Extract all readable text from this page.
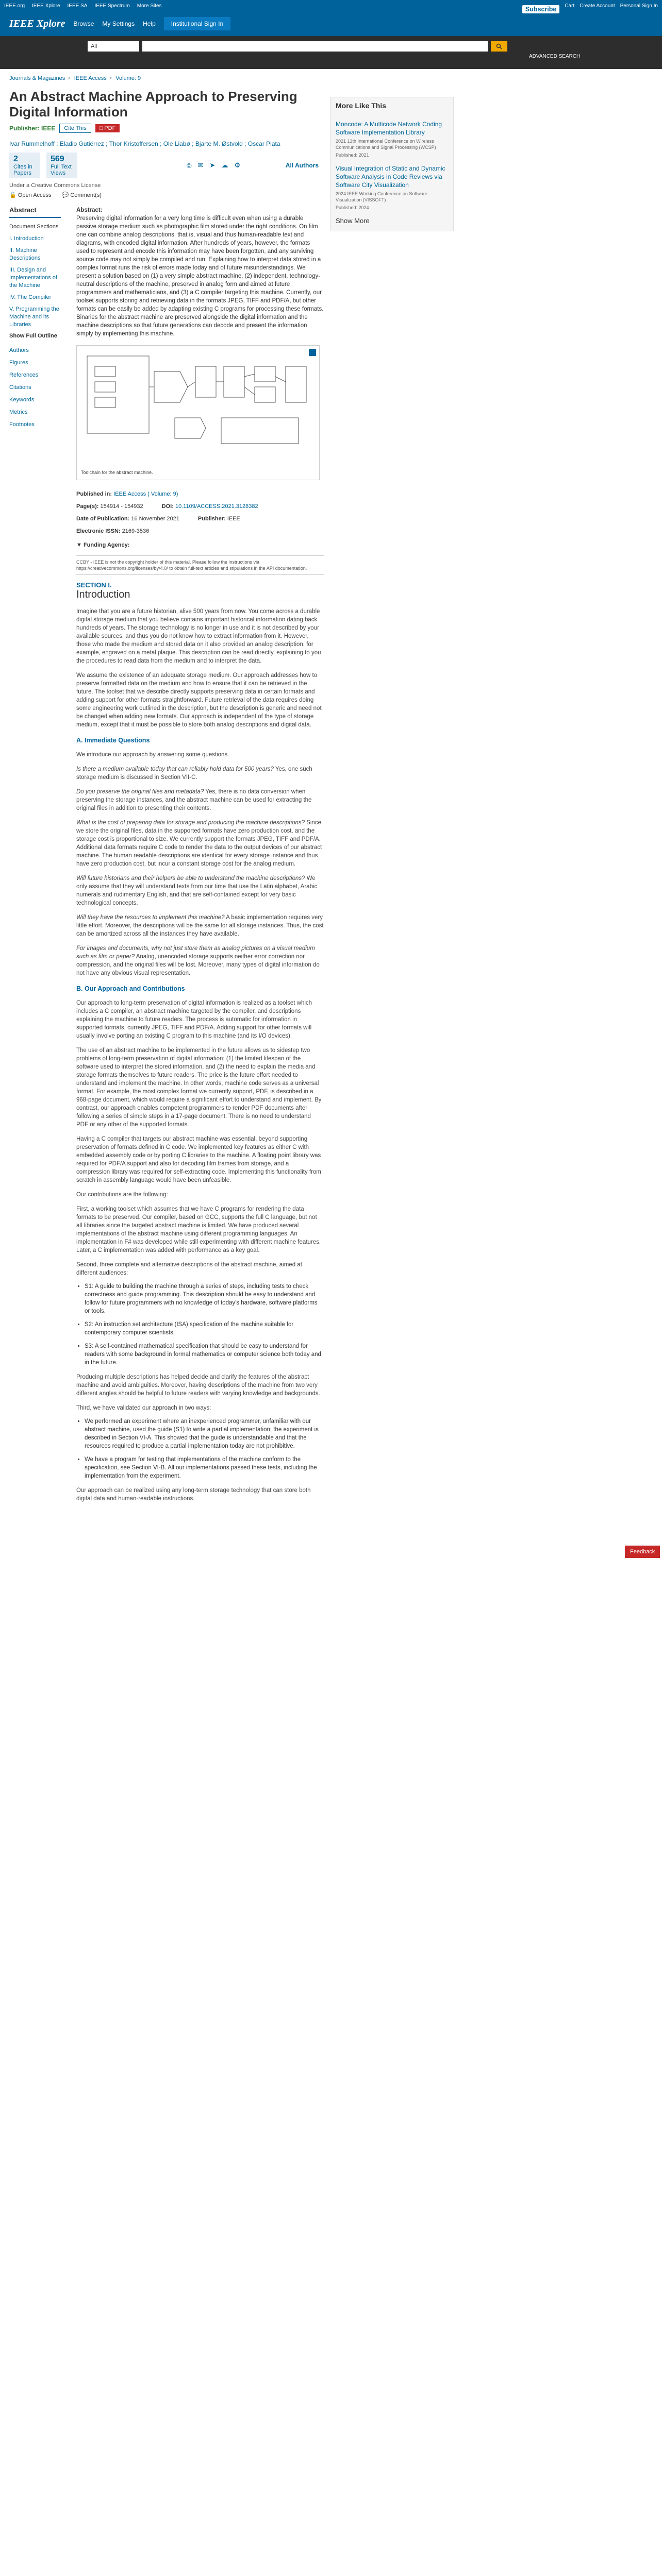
IEEE.org IEEE Xplore IEEE SA IEEE Spectrum More Sites	Subscribe	Cart Create Account Personal Sign In
IEEE Xplore Browse My Settings Help	Institutional Sign In
All
ADVANCED SEARCH
Journals & Magazines > IEEE Access > Volume: 9
An Abstract Machine Approach to Preserving Digital Information
Publisher: IEEE	Cite This	□ PDF
Ivar Rummelhoff ; Eladio Gutiérrez ; Thor Kristoffersen ; Ole Liabø ; Bjarte M. Østvold ; Oscar Plata
2
Cites in Papers
569
Full Text Views
© ✉ ➤ ☁ ⚙	All Authors
Under a Creative Commons License
🔓 Open Access 💬 Comment(s)
More Like This
Moncode: A Multicode Network Coding Software Implementation Library
2021 13th International Conference on Wireless Communications and Signal Processing (WCSP)
Published: 2021
Visual Integration of Static and Dynamic Software Analysis in Code Reviews via Software City Visualization
2024 IEEE Working Conference on Software Visualization (VISSOFT)
Published: 2024
Show More
Abstract
Document Sections
I. Introduction
II. Machine Descriptions
III. Design and Implementations of the Machine
IV. The Compiler
V. Programming the Machine and its Libraries
Show Full Outline
Authors
Figures
References
Citations
Keywords
Metrics
Footnotes
Abstract:
Preserving digital information for a very long time is difficult even when using a durable passive storage medium such as photographic film stored under the right conditions. On film one can combine analog descriptions, that is, visual and thus human-readable text and diagrams, with encoded digital information. After hundreds of years, however, the formats used to represent and encode this information may have been forgotten, and any surviving source code may not simply be compiled and run. Explaining how to interpret data stored in a complex format runs the risk of errors made today and of future misunderstandings. We present a solution based on (1) a very simple abstract machine, (2) independent, technology-neutral descriptions of the machine, preserved in analog form and aimed at future programmers and mathematicians, and (3) a C compiler targeting this machine. Currently, our toolset supports storing and retrieving data in the formats JPEG, TIFF and PDF/A, but other formats can be easily be added by adapting existing C programs for processing these formats. Binaries for the abstract machine are preserved alongside the digital information and the machine descriptions so that future generations can decode and present the information simply by implementing this machine.
Toolchain for the abstract machine.
Published in: IEEE Access ( Volume: 9)
Page(s): 154914 - 154932	DOI: 10.1109/ACCESS.2021.3128382
Date of Publication: 16 November 2021	Publisher: IEEE
Electronic ISSN: 2169-3536
▼ Funding Agency:
CCBY - IEEE is not the copyright holder of this material. Please follow the instructions via https://creativecommons.org/licenses/by/4.0/ to obtain full-text articles and stipulations in the API documentation.
SECTION I.
Introduction
Imagine that you are a future historian, alive 500 years from now. You come across a durable digital storage medium that you believe contains important historical information dating back hundreds of years. The storage technology is no longer in use and it is not described by your available sources, and thus you do not know how to extract information from it. However, those who made the medium and stored data on it also provided an analog description, for example, engraved on a metal plaque. This description can be read directly, explaining to you the procedures to read data from the medium and to interpret the data.
We assume the existence of an adequate storage medium. Our approach addresses how to preserve formatted data on the medium and how to ensure that it can be retrieved in the future. The toolset that we describe directly supports preserving data in certain formats and adding support for other formats straightforward. Future retrieval of the data requires doing some engineering work outlined in the description, but the description is generic and need not be changed when adding new formats. Our approach is independent of the type of storage medium, except that it must be possible to store both analog descriptions and digital data.
A. Immediate Questions
We introduce our approach by answering some questions.
Is there a medium available today that can reliably hold data for 500 years? Yes, one such storage medium is discussed in Section VII-C.
Do you preserve the original files and metadata? Yes, there is no data conversion when preserving the storage instances, and the abstract machine can be used for extracting the original files in addition to presenting their contents.
What is the cost of preparing data for storage and producing the machine descriptions? Since we store the original files, data in the supported formats have zero production cost, and the storage cost is proportional to size. We currently support the formats JPEG, TIFF and PDF/A. Additional data formats require C code to render the data to the output devices of our abstract machine. The human readable descriptions are identical for every storage instance and thus have zero production cost, but incur a constant storage cost for the analog medium.
Will future historians and their helpers be able to understand the machine descriptions? We only assume that they will understand texts from our time that use the Latin alphabet, Arabic numerals and rudimentary English, and that are self-contained except for very basic technological concepts.
Will they have the resources to implement this machine? A basic implementation requires very little effort. Moreover, the descriptions will be the same for all storage instances. Thus, the cost can be amortized across all the instances they have available.
For images and documents, why not just store them as analog pictures on a visual medium such as film or paper? Analog, unencoded storage supports neither error correction nor compression, and the original files will be lost. Moreover, many types of digital information do not have any obvious visual representation.
B. Our Approach and Contributions
Our approach to long-term preservation of digital information is realized as a toolset which includes a C compiler, an abstract machine targeted by the compiler, and descriptions explaining the machine to future readers. The process is automatic for information in supported formats, currently JPEG, TIFF and PDF/A. Adding support for other formats will usually involve porting an existing C program to this machine (and its I/O devices).
The use of an abstract machine to be implemented in the future allows us to sidestep two problems of long-term preservation of digital information: (1) the limited lifespan of the software used to interpret the stored information, and (2) the need to explain the media and storage formats themselves to future readers. The price is the future effort needed to understand and implement the machine. In other words, machine code serves as a universal format. For example, the most complex format we currently support, PDF, is described in a 968-page document, which would require a significant effort to understand and implement. By contrast, our approach enables competent programmers to render PDF documents after following a series of simple steps in a 17-page document. There is no need to understand PDF or any other of the supported formats.
Having a C compiler that targets our abstract machine was essential, beyond supporting preservation of formats defined in C code. We implemented key features as either C with embedded assembly code or by porting C libraries to the machine. A floating point library was required for PDF/A support and also for decoding film frames from storage, and a compression library was required for self-extracting code. Implementing this functionality from scratch in assembly language would have been unfeasible.
Our contributions are the following:
First, a working toolset which assumes that we have C programs for rendering the data formats to be preserved. Our compiler, based on GCC, supports the full C language, but not all libraries since the targeted abstract machine is limited. We have produced several implementations of the abstract machine using different programming languages. An implementation in F# was developed while still experimenting with different machine features. Later, a C implementation was added with performance as a key goal.
Second, three complete and alternative descriptions of the abstract machine, aimed at different audiences:
• S1: A guide to building the machine through a series of steps, including tests to check correctness and guide programming. This description should be easy to understand and follow for future programmers with no knowledge of today's hardware, software platforms or tools.
• S2: An instruction set architecture (ISA) specification of the machine suitable for contemporary computer scientists.
• S3: A self-contained mathematical specification that should be easy to understand for readers with some background in formal mathematics or computer science both today and in the future.
Producing multiple descriptions has helped decide and clarify the features of the abstract machine and avoid ambiguities. Moreover, having descriptions of the machine from two very different angles should be helpful to future readers with varying knowledge and backgrounds.
Third, we have validated our approach in two ways:
• We performed an experiment where an inexperienced programmer, unfamiliar with our abstract machine, used the guide (S1) to write a partial implementation; the experiment is described in Section VI-A. This showed that the guide is understandable and that the resources required to produce a partial implementation today are not prohibitive.
• We have a program for testing that implementations of the machine conform to the specification, see Section VI-B. All our implementations passed these tests, including the implementation from the experiment.
Our approach can be realized using any long-term storage technology that can store both digital data and human-readable instructions.
Feedback
